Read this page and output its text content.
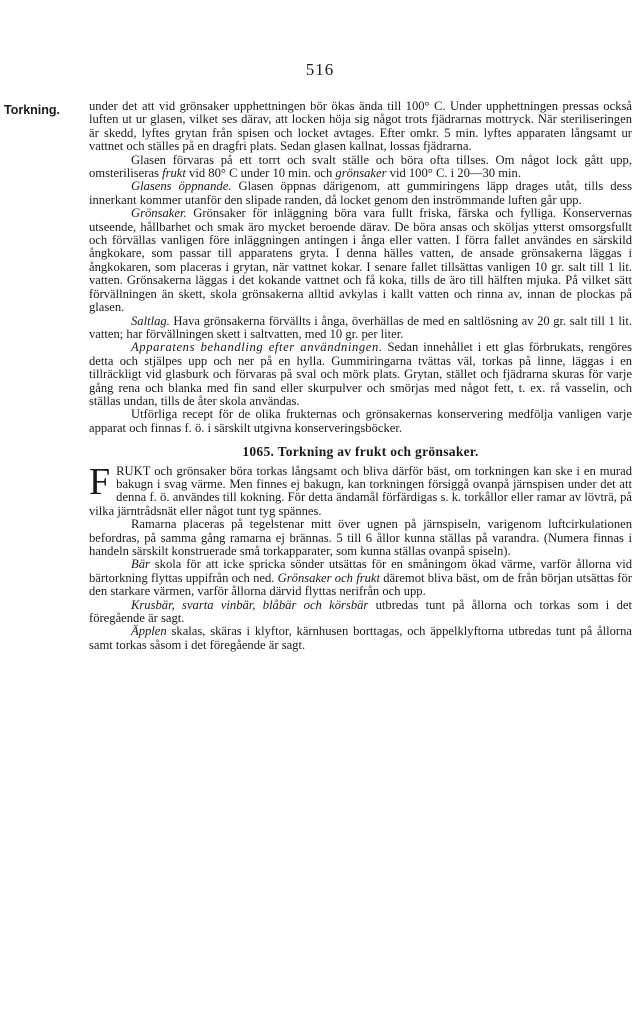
516
Torkning. under det att vid grönsaker upphettningen bör ökas ända till 100° C. Under upphettningen pressas också luften ut ur glasen, vilket ses därav, att locken höja sig något trots fjädrarnas mottryck. När steriliseringen är skedd, lyftes grytan från spisen och locket avtages. Efter omkr. 5 min. lyftes apparaten långsamt ur vattnet och ställes på en dragfri plats. Sedan glasen kallnat, lossas fjädrarna.

Glasen förvaras på ett torrt och svalt ställe och böra ofta tillses. Om något lock gått upp, omsteriliseras frukt vid 80° C under 10 min. och grönsaker vid 100° C. i 20—30 min.

Glasens öppnande. Glasen öppnas därigenom, att gummiringens läpp drages utåt, tills dess innerkant kommer utanför den slipade randen, då locket genom den inströmmande luften går upp.

Grönsaker. Grönsaker för inläggning böra vara fullt friska, färska och fylliga. Konservernas utseende, hållbarhet och smak äro mycket beroende därav. De böra ansas och sköljas ytterst omsorgsfullt och förvällas vanligen före inläggningen antingen i ånga eller vatten. I förra fallet användes en särskild ångkokare, som passar till apparatens gryta. I denna hälles vatten, de ansade grönsakerna läggas i ångkokaren, som placeras i grytan, när vattnet kokar. I senare fallet tillsättas vanligen 10 gr. salt till 1 lit. vatten. Grönsakerna läggas i det kokande vattnet och få koka, tills de äro till hälften mjuka. På vilket sätt förvällningen än skett, skola grönsakerna alltid avkylas i kallt vatten och rinna av, innan de plockas på glasen.

Saltlag. Hava grönsakerna förvällts i ånga, överhällas de med en saltlösning av 20 gr. salt till 1 lit. vatten; har förvällningen skett i saltvatten, med 10 gr. per liter.

Apparatens behandling efter användningen. Sedan innehållet i ett glas förbrukats, rengöres detta och stjälpes upp och ner på en hylla. Gummiringarna tvättas väl, torkas på linne, läggas i en tillräckligt vid glasburk och förvaras på sval och mörk plats. Grytan, stället och fjädrarna skuras för varje gång rena och blanka med fin sand eller skurpulver och smörjas med något fett, t. ex. rå vasselin, och ställas undan, tills de åter skola användas.

Utförliga recept för de olika frukternas och grönsakernas konservering medfölja vanligen varje apparat och finnas f. ö. i särskilt utgivna konserveringsböcker.

1065. Torkning av frukt och grönsaker.

FRUKT och grönsaker böra torkas långsamt och bliva därför bäst, om torkningen kan ske i en murad bakugn i svag värme. Men finnes ej bakugn, kan torkningen försiggå ovanpå järnspisen under det att denna f. ö. användes till kokning. För detta ändamål förfärdigas s. k. torkållor eller ramar av lövträ, på vilka järntrådsnät eller något tunt tyg spännes.

Ramarna placeras på tegelstenar mitt över ugnen på järnspiseln, varigenom luftcirkulationen befordras, på samma gång ramarna ej brännas. 5 till 6 ållor kunna ställas på varandra. (Numera finnas i handeln särskilt konstruerade små torkapparater, som kunna ställas ovanpå spiseln).

Bär skola för att icke spricka sönder utsättas för en småningom ökad värme, varför ållorna vid bärtorkning flyttas uppifrån och ned. Grönsaker och frukt däremot bliva bäst, om de från början utsättas för den starkare värmen, varför ållorna därvid flyttas nerifrån och upp.

Krusbär, svarta vinbär, blåbär och körsbär utbredas tunt på ållorna och torkas som i det föregående är sagt.

Äpplen skalas, skäras i klyftor, kärnhusen borttagas, och äppelklyftorna utbredas tunt på ållorna samt torkas såsom i det föregående är sagt.
